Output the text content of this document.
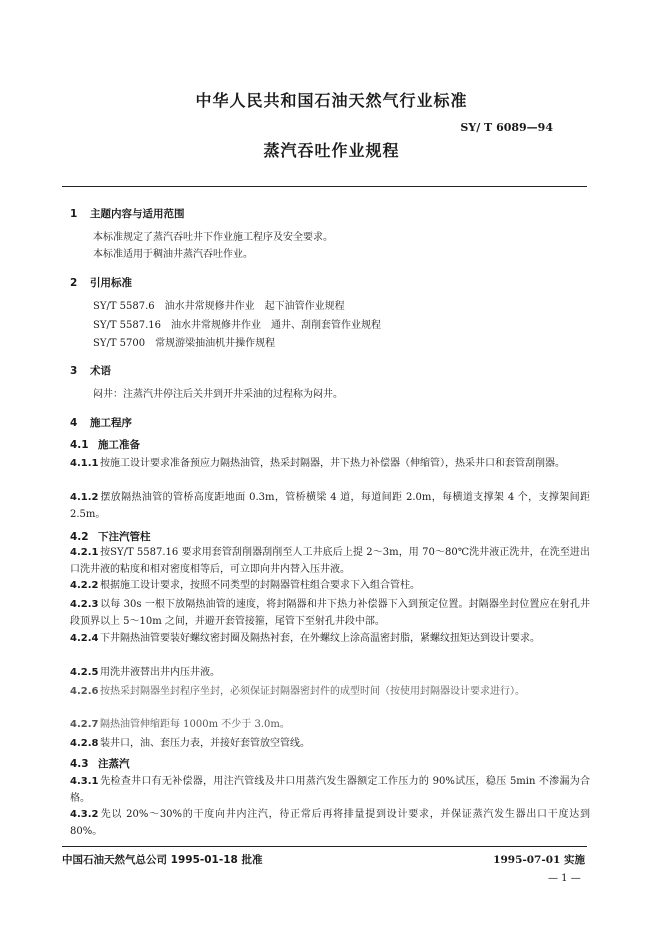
中华人民共和国石油天然气行业标准
SY/ T 6089—94
蒸汽吞吐作业规程
1 主题内容与适用范围
本标准规定了蒸汽吞吐井下作业施工程序及安全要求。
本标准适用于稠油井蒸汽吞吐作业。
2 引用标准
SY/T 5587.6　油水井常规修井作业　起下油管作业规程
SY/T 5587.16　油水井常规修井作业　通井、刮削套管作业规程
SY/T 5700　常规游梁抽油机井操作规程
3 术语
闷井：注蒸汽井停注后关井到开井采油的过程称为闷井。
4 施工程序
4.1 施工准备
4.1.1 按施工设计要求准备预应力隔热油管，热采封隔器，井下热力补偿器（伸缩管），热采井口和套管刮削器。
4.1.2 摆放隔热油管的管桥高度距地面 0.3m，管桥横梁 4 道，每道间距 2.0m，每横道支撑架 4 个，支撑架间距 2.5m。
4.2 下注汽管柱
4.2.1 按SY/T 5587.16 要求用套管刮削器刮削至人工井底后上提 2～3m，用 70～80℃洗井液正洗井，在洗至进出口洗井液的粘度和相对密度相等后，可立即向井内替入压井液。
4.2.2 根据施工设计要求，按照不同类型的封隔器管柱组合要求下入组合管柱。
4.2.3 以每 30s 一根下放隔热油管的速度，将封隔器和井下热力补偿器下入到预定位置。封隔器坐封位置应在射孔井段顶界以上 5～10m 之间，并避开套管接箍，尾管下至射孔井段中部。
4.2.4 下井隔热油管要装好螺纹密封圈及隔热衬套，在外螺纹上涂高温密封脂，紧螺纹扭矩达到设计要求。
4.2.5 用洗井液替出井内压井液。
4.2.6 按热采封隔器坐封程序坐封，必须保证封隔器密封件的成型时间（按使用封隔器设计要求进行）。
4.2.7 隔热油管伸缩距每 1000m 不少于 3.0m。
4.2.8 装井口，油、套压力表，并接好套管放空管线。
4.3 注蒸汽
4.3.1 先检查井口有无补偿器，用注汽管线及井口用蒸汽发生器额定工作压力的 90%试压，稳压 5min 不渗漏为合格。
4.3.2 先以 20%～30%的干度向井内注汽，待正常后再将排量提到设计要求，并保证蒸汽发生器出口干度达到 80%。
中国石油天然气总公司 1995-01-18 批准	1995-07-01 实施
— 1 —
